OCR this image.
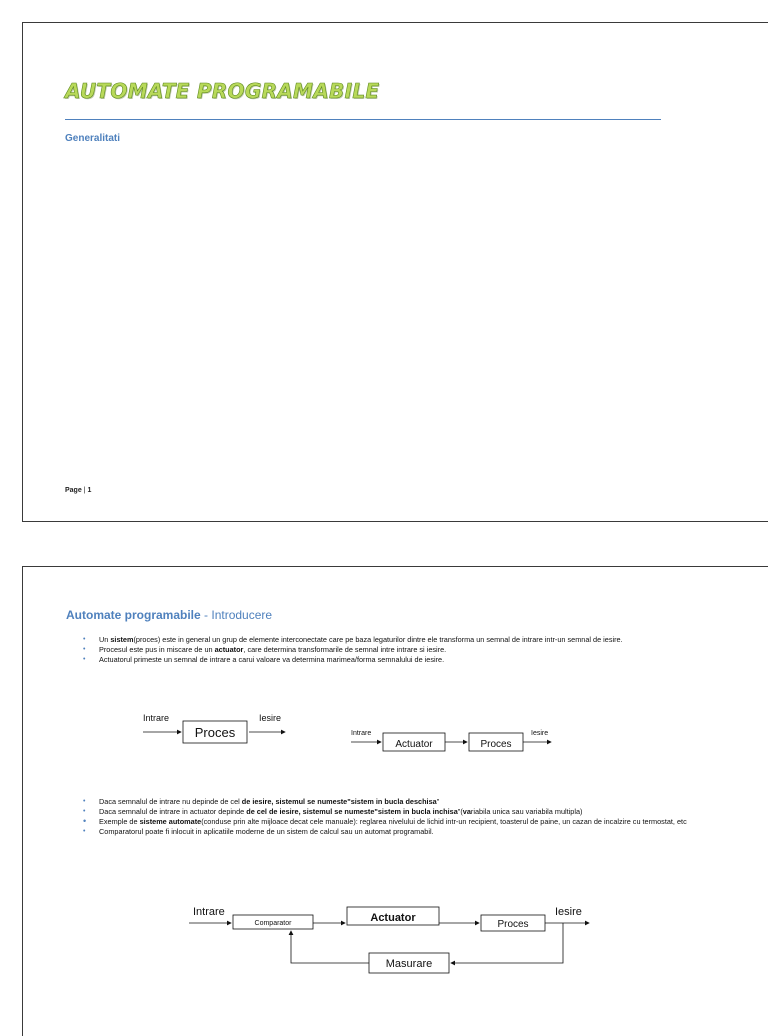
AUTOMATE PROGRAMABILE
Generalitati
Page | 1
Automate programabile - Introducere
• Un sistem(proces) este in general un grup de elemente interconectate care pe baza legaturilor dintre ele transforma un semnal de intrare intr-un semnal de iesire.
• Procesul este pus in miscare de un actuator, care determina transformarile de semnal intre intrare si iesire.
• Actuatorul primeste un semnal de intrare a carui valoare va determina marimea/forma semnalului de iesire.
Intrare
Proces
Iesire
Intrare
Actuator	Proces
Iesire
• Daca semnalul de intrare nu depinde de cel de iesire, sistemul se numeste"sistem in bucla deschisa"
• Daca semnalul de intrare in actuator depinde de cel de iesire, sistemul se numeste"sistem in bucla inchisa"(variabila unica sau variabila multipla)
• Exemple de sisteme automate(conduse prin alte mijloace decat cele manuale): reglarea nivelului de lichid intr-un recipient, toasterul de paine, un cazan de incalzire cu termostat, etc
• Comparatorul poate fi inlocuit in aplicatiile moderne de un sistem de calcul sau un automat programabil.
Intrare
Comparator	Actuator
Proces
Iesire
Masurare
